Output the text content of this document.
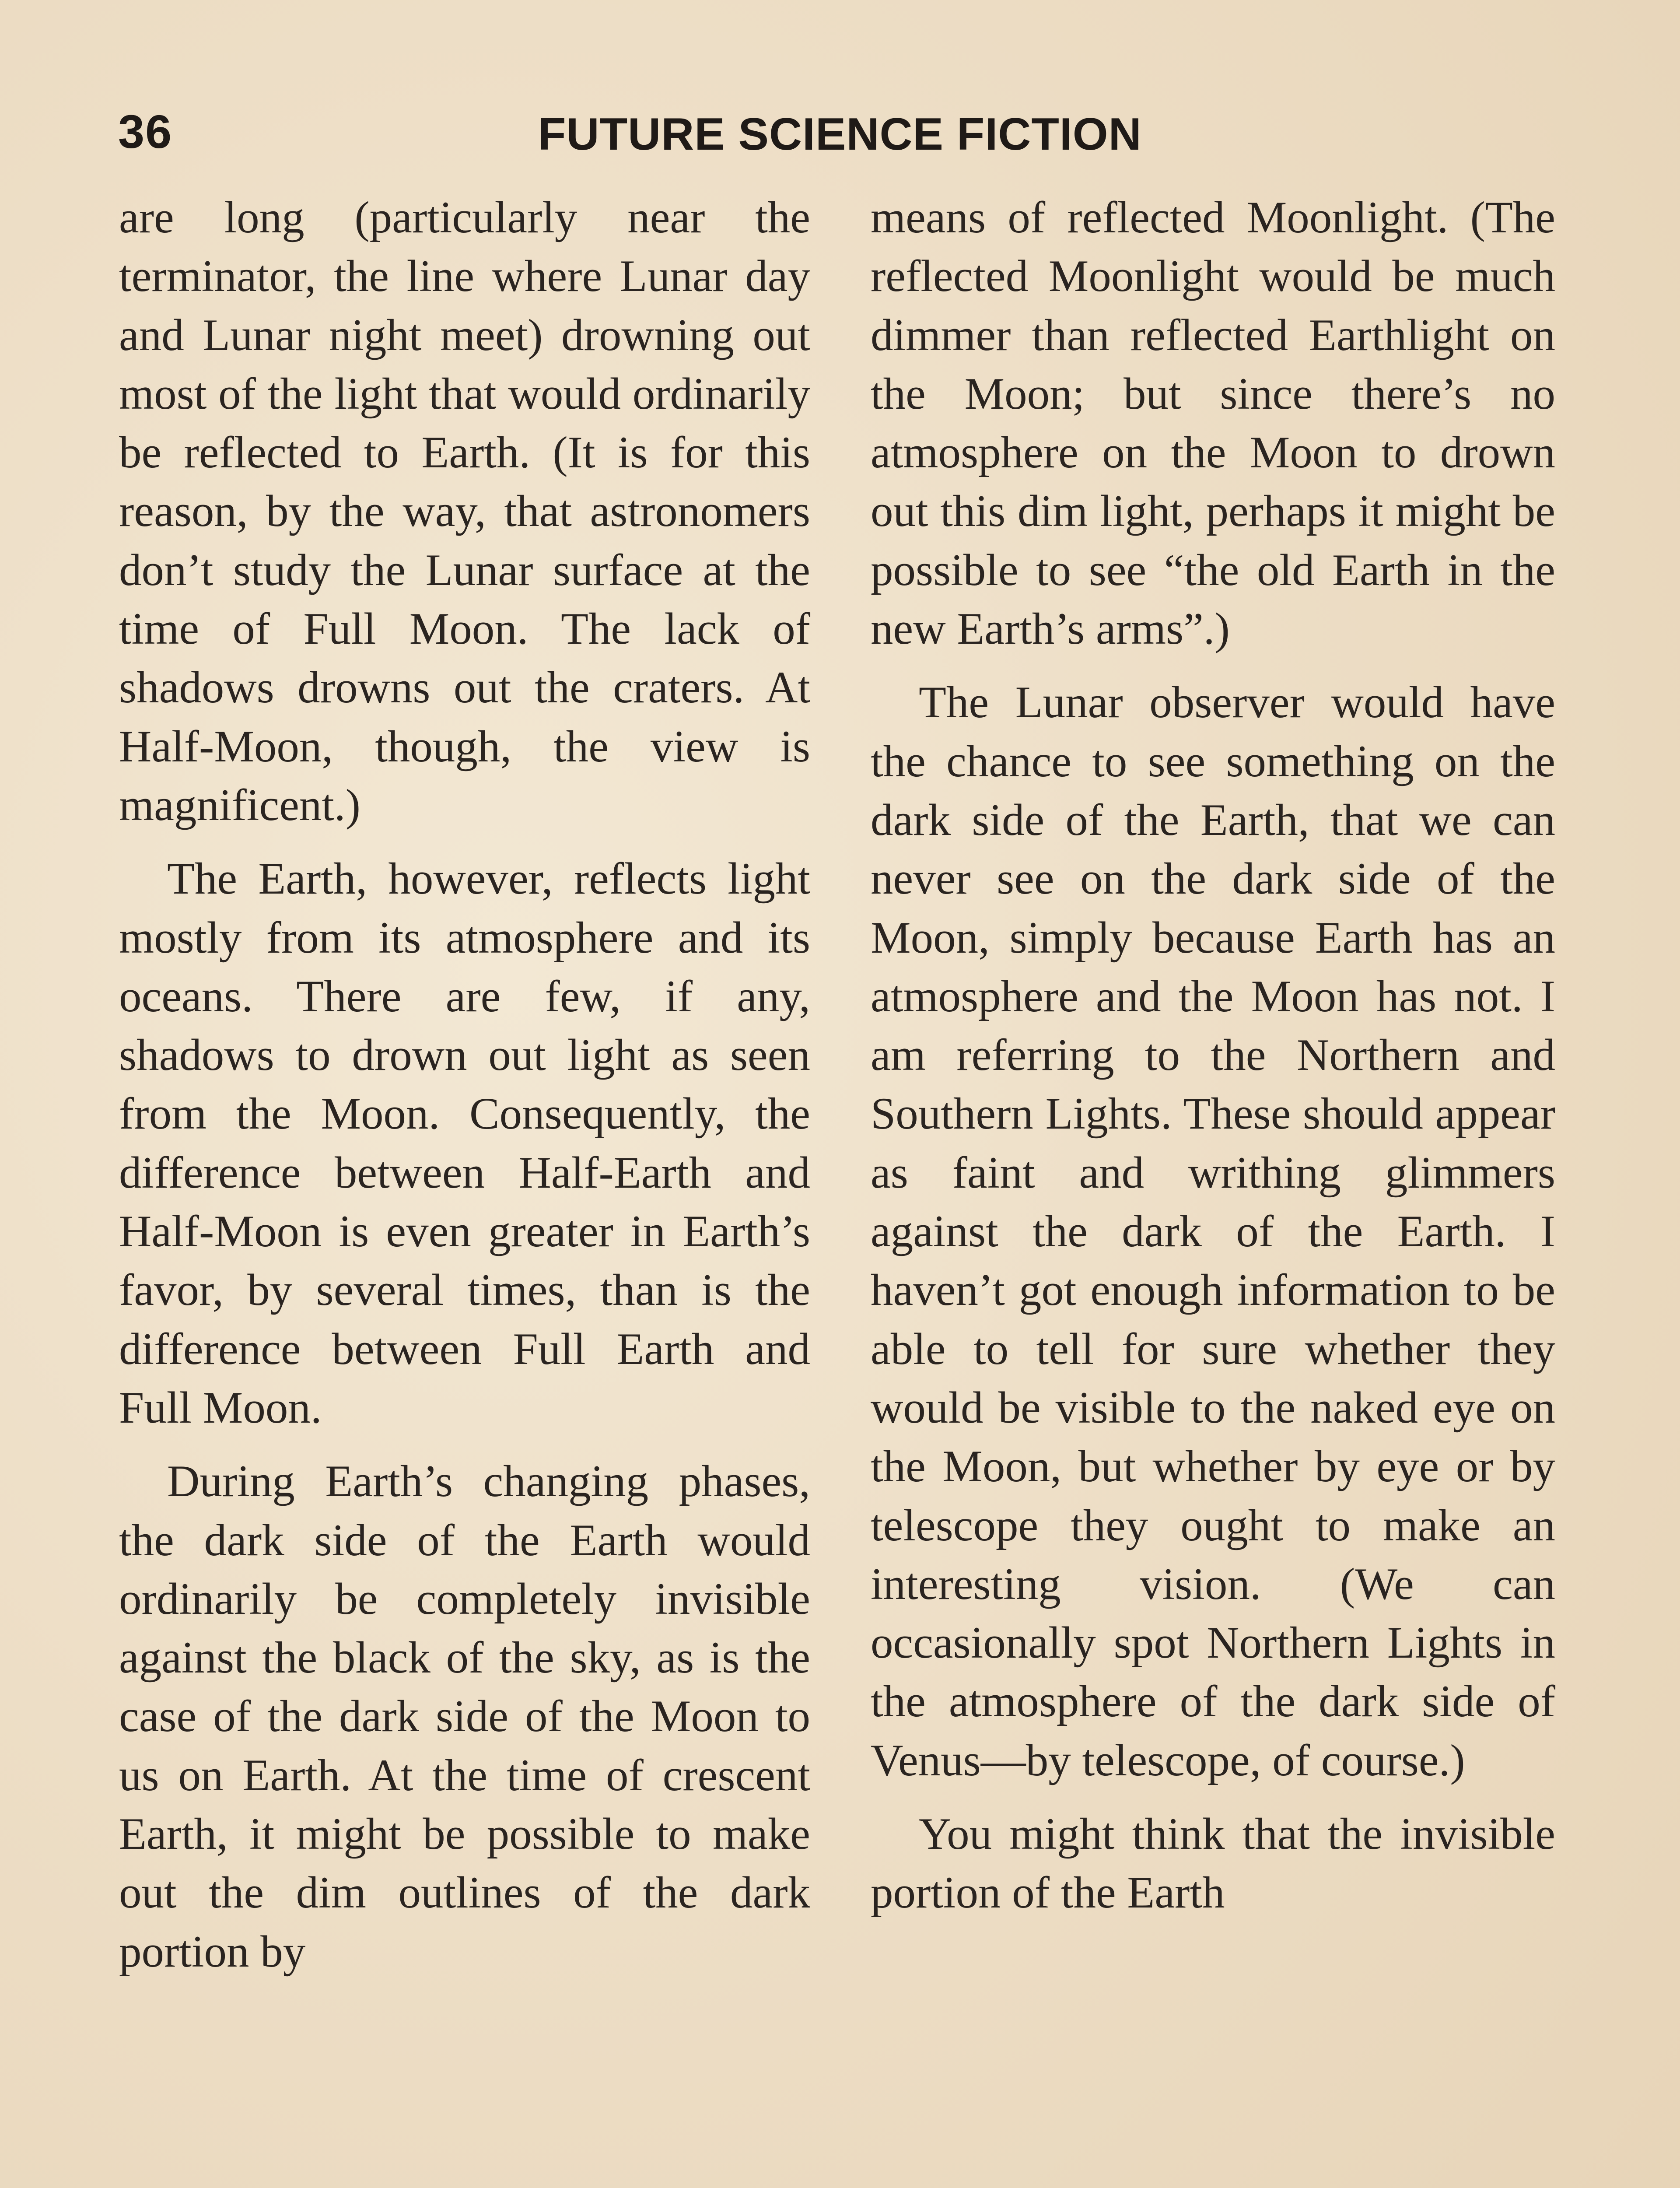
36	FUTURE SCIENCE FICTION

are long (particularly near the terminator, the line where Lunar day and Lunar night meet) drowning out most of the light that would ordinarily be reflected to Earth. (It is for this reason, by the way, that astronomers don’t study the Lunar surface at the time of Full Moon. The lack of shadows drowns out the craters. At Half-Moon, though, the view is magnificent.)

The Earth, however, reflects light mostly from its atmosphere and its oceans. There are few, if any, shadows to drown out light as seen from the Moon. Consequently, the difference between Half-Earth and Half-Moon is even greater in Earth’s favor, by several times, than is the difference between Full Earth and Full Moon.

During Earth’s changing phases, the dark side of the Earth would ordinarily be completely invisible against the black of the sky, as is the case of the dark side of the Moon to us on Earth. At the time of crescent Earth, it might be possible to make out the dim outlines of the dark portion by

means of reflected Moonlight. (The reflected Moonlight would be much dimmer than reflected Earthlight on the Moon; but since there’s no atmosphere on the Moon to drown out this dim light, perhaps it might be possible to see “the old Earth in the new Earth’s arms”.)

The Lunar observer would have the chance to see something on the dark side of the Earth, that we can never see on the dark side of the Moon, simply because Earth has an atmosphere and the Moon has not. I am referring to the Northern and Southern Lights. These should appear as faint and writhing glimmers against the dark of the Earth. I haven’t got enough information to be able to tell for sure whether they would be visible to the naked eye on the Moon, but whether by eye or by telescope they ought to make an interesting vision. (We can occasionally spot Northern Lights in the atmosphere of the dark side of Venus—by telescope, of course.)

You might think that the invisible portion of the Earth
